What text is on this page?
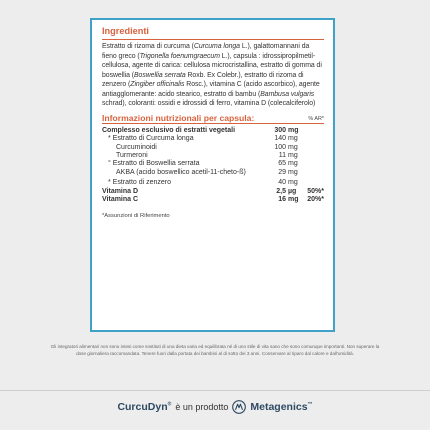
Ingredienti
Estratto di rizoma di curcuma (Curcuma longa L.), galattomannani da fieno greco (Trigonella foenumgraecum L.), capsula : idrossipropilmetilcellulosa, agente di carica: cellulosa microcristallina, estratto di gomma di boswellia (Boswellia serrata Roxb. Ex Colebr.), estratto di rizoma di zenzero (Zingiber officinalis Rosc.), vitamina C (acido ascorbico), agente antiagglomerante: acido stearico, estratto di bambu (Bambusa vulgaris schrad), coloranti: ossidi e idrossidi di ferro, vitamina D (colecalciferolo)
Informazioni nutrizionali per capsula:	% AR*
Complesso esclusivo di estratti vegetali	300	mg	
* Estratto di Curcuma longa	140	mg	
Curcuminoidi	100	mg	
Turmeroni	11	mg	
° Estratto di Boswellia serrata	65	mg	
AKBA (acido boswellico acetil-11-cheto-ß)	29	mg	
* Estratto di zenzero	40	mg	
Vitamina D	2,5	µg	50%*
Vitamina C	16	mg	20%*
*Assunzioni di Riferimento
Gli integratori alimentari non sono intesi come sostituti di una dieta varia ed equilibrata né di uno stile di vita sano che sono comunque importanti. Non superare la dose giornaliera raccomandata. Tenere fuori dalla portata dei bambini al di sotto dei 3 anni. Conservare al riparo dal calore e dall'umidità.
CurcuDyn® è un prodotto Metagenics™
